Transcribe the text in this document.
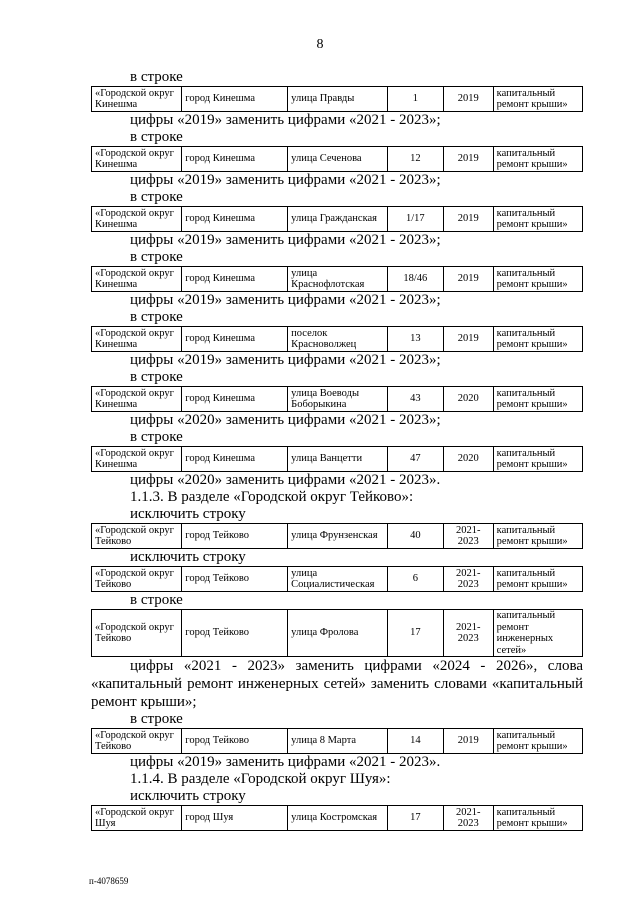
8
в строке
«Городской округ Кинешма	город Кинешма	улица Правды	1	2019	капитальный ремонт крыши»
цифры «2019» заменить цифрами «2021 - 2023»;
в строке
«Городской округ Кинешма	город Кинешма	улица Сеченова	12	2019	капитальный ремонт крыши»
цифры «2019» заменить цифрами «2021 - 2023»;
в строке
«Городской округ Кинешма	город Кинешма	улица Гражданская	1/17	2019	капитальный ремонт крыши»
цифры «2019» заменить цифрами «2021 - 2023»;
в строке
«Городской округ Кинешма	город Кинешма	улица Краснофлотская	18/46	2019	капитальный ремонт крыши»
цифры «2019» заменить цифрами «2021 - 2023»;
в строке
«Городской округ Кинешма	город Кинешма	поселок Красноволжец	13	2019	капитальный ремонт крыши»
цифры «2019» заменить цифрами «2021 - 2023»;
в строке
«Городской округ Кинешма	город Кинешма	улица Воеводы Боборыкина	43	2020	капитальный ремонт крыши»
цифры «2020» заменить цифрами «2021 - 2023»;
в строке
«Городской округ Кинешма	город Кинешма	улица Ванцетти	47	2020	капитальный ремонт крыши»
цифры «2020» заменить цифрами «2021 - 2023».
1.1.3. В разделе «Городской округ Тейково»:
исключить строку
«Городской округ Тейково	город Тейково	улица Фрунзенская	40	2021-2023	капитальный ремонт крыши»
исключить строку
«Городской округ Тейково	город Тейково	улица Социалистическая	6	2021-2023	капитальный ремонт крыши»
в строке
«Городской округ Тейково	город Тейково	улица Фролова	17	2021-2023	капитальный ремонт инженерных сетей»
цифры «2021 - 2023» заменить цифрами «2024 - 2026», слова «капитальный ремонт инженерных сетей» заменить словами «капитальный ремонт крыши»;
в строке
«Городской округ Тейково	город Тейково	улица 8 Марта	14	2019	капитальный ремонт крыши»
цифры «2019» заменить цифрами «2021 - 2023».
1.1.4. В разделе «Городской округ Шуя»:
исключить строку
«Городской округ Шуя	город Шуя	улица Костромская	17	2021-2023	капитальный ремонт крыши»
п-4078659
